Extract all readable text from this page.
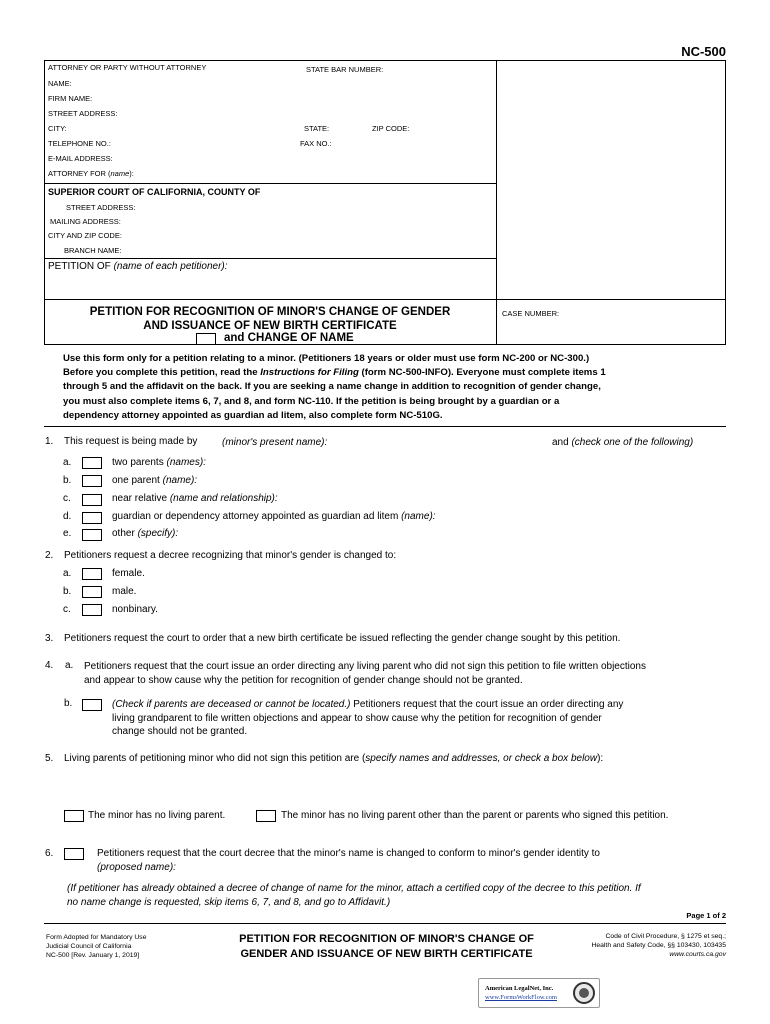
NC-500
ATTORNEY OR PARTY WITHOUT ATTORNEY	STATE BAR NUMBER:
NAME:
FIRM NAME:
STREET ADDRESS:
CITY:	STATE:	ZIP CODE:
TELEPHONE NO.:	FAX NO.:
E-MAIL ADDRESS:
ATTORNEY FOR (name):
SUPERIOR COURT OF CALIFORNIA, COUNTY OF
STREET ADDRESS:
MAILING ADDRESS:
CITY AND ZIP CODE:
BRANCH NAME:
PETITION OF (name of each petitioner):
PETITION FOR RECOGNITION OF MINOR'S CHANGE OF GENDER
AND ISSUANCE OF NEW BIRTH CERTIFICATE
and CHANGE OF NAME
CASE NUMBER:
Use this form only for a petition relating to a minor. (Petitioners 18 years or older must use form NC-200 or NC-300.)
Before you complete this petition, read the Instructions for Filing (form NC-500-INFO). Everyone must complete items 1
through 5 and the affidavit on the back. If you are seeking a name change in addition to recognition of gender change,
you must also complete items 6, 7, and 8, and form NC-110. If the petition is being brought by a guardian or a
dependency attorney appointed as guardian ad litem, also complete form NC-510G.
1. This request is being made by (minor's present name):	and (check one of the following)
a.	two parents (names):
b.	one parent (name):
c.	near relative (name and relationship):
d.	guardian or dependency attorney appointed as guardian ad litem (name):
e.	other (specify):
2. Petitioners request a decree recognizing that minor's gender is changed to:
a.	female.
b.	male.
c.	nonbinary.
3. Petitioners request the court to order that a new birth certificate be issued reflecting the gender change sought by this petition.
4. a. Petitioners request that the court issue an order directing any living parent who did not sign this petition to file written objections
and appear to show cause why the petition for recognition of gender change should not be granted.
b.	(Check if parents are deceased or cannot be located.) Petitioners request that the court issue an order directing any
living grandparent to file written objections and appear to show cause why the petition for recognition of gender
change should not be granted.
5. Living parents of petitioning minor who did not sign this petition are (specify names and addresses, or check a box below):
The minor has no living parent.	The minor has no living parent other than the parent or parents who signed this petition.
6.	Petitioners request that the court decree that the minor's name is changed to conform to minor's gender identity to
(proposed name):
(If petitioner has already obtained a decree of change of name for the minor, attach a certified copy of the decree to this petition. If
no name change is requested, skip items 6, 7, and 8, and go to Affidavit.)
Page 1 of 2
Form Adopted for Mandatory Use
Judicial Council of California
NC-500 [Rev. January 1, 2019]
PETITION FOR RECOGNITION OF MINOR'S CHANGE OF
GENDER AND ISSUANCE OF NEW BIRTH CERTIFICATE
Code of Civil Procedure, § 1275 et seq.;
Health and Safety Code, §§ 103430, 103435
www.courts.ca.gov
American LegalNet, Inc.
www.FormsWorkFlow.com
